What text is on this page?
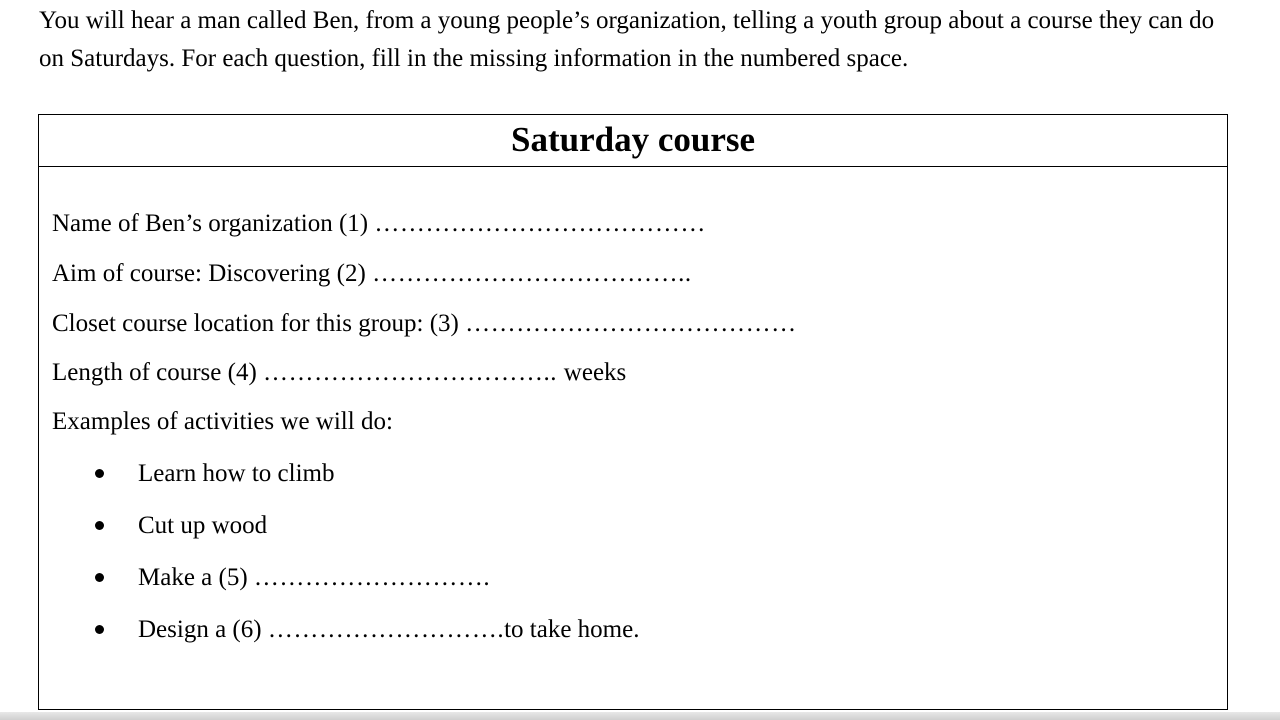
You will hear a man called Ben, from a young people’s organization, telling a youth group about a course they can do on Saturdays. For each question, fill in the missing information in the numbered space.

Saturday course
Name of Ben’s organization (1) …………………………………
Aim of course: Discovering (2) ………………………………..
Closet course location for this group: (3) …………………………………
Length of course (4) …………………………….. weeks
Examples of activities we will do:
Learn how to climb
Cut up wood
Make a (5) ……………………….
Design a (6) ……………………….to take home.
